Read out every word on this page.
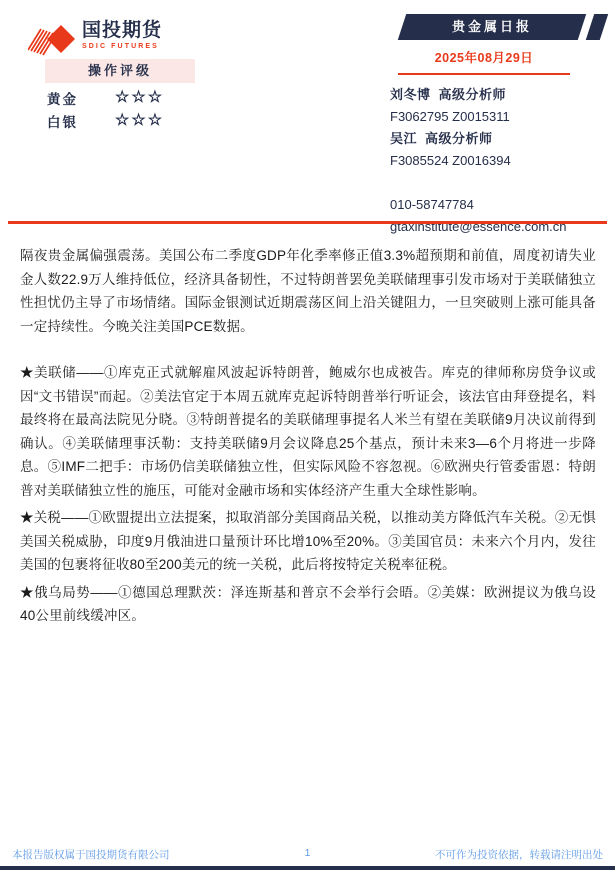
国投期货
SDIC FUTURES
贵金属日报
2025年08月29日
操作评级
黄金	☆☆☆
白银	☆☆☆
刘冬博 高级分析师
F3062795 Z0015311
吴江 高级分析师
F3085524 Z0016394
010-58747784
gtaxinstitute@essence.com.cn

隔夜贵金属偏强震荡。美国公布二季度GDP年化季率修正值3.3%超预期和前值，周度初请失业金人数22.9万人维持低位，经济具备韧性，不过特朗普罢免美联储理事引发市场对于美联储独立性担忧仍主导了市场情绪。国际金银测试近期震荡区间上沿关键阻力，一旦突破则上涨可能具备一定持续性。今晚关注美国PCE数据。

★美联储——①库克正式就解雇风波起诉特朗普，鲍威尔也成被告。库克的律师称房贷争议或因“文书错误”而起。②美法官定于本周五就库克起诉特朗普举行听证会，该法官由拜登提名，料最终将在最高法院见分晓。③特朗普提名的美联储理事提名人米兰有望在美联储9月决议前得到确认。④美联储理事沃勒：支持美联储9月会议降息25个基点，预计未来3—6个月将进一步降息。⑤IMF二把手：市场仍信美联储独立性，但实际风险不容忽视。⑥欧洲央行管委雷恩：特朗普对美联储独立性的施压，可能对金融市场和实体经济产生重大全球性影响。

★关税——①欧盟提出立法提案，拟取消部分美国商品关税，以推动美方降低汽车关税。②无惧美国关税威胁，印度9月俄油进口量预计环比增10%至20%。③美国官员：未来六个月内，发往美国的包裹将征收80至200美元的统一关税，此后将按特定关税率征税。

★俄乌局势——①德国总理默茨：泽连斯基和普京不会举行会晤。②美媒：欧洲提议为俄乌设40公里前线缓冲区。

本报告版权属于国投期货有限公司	1	不可作为投资依据，转载请注明出处
